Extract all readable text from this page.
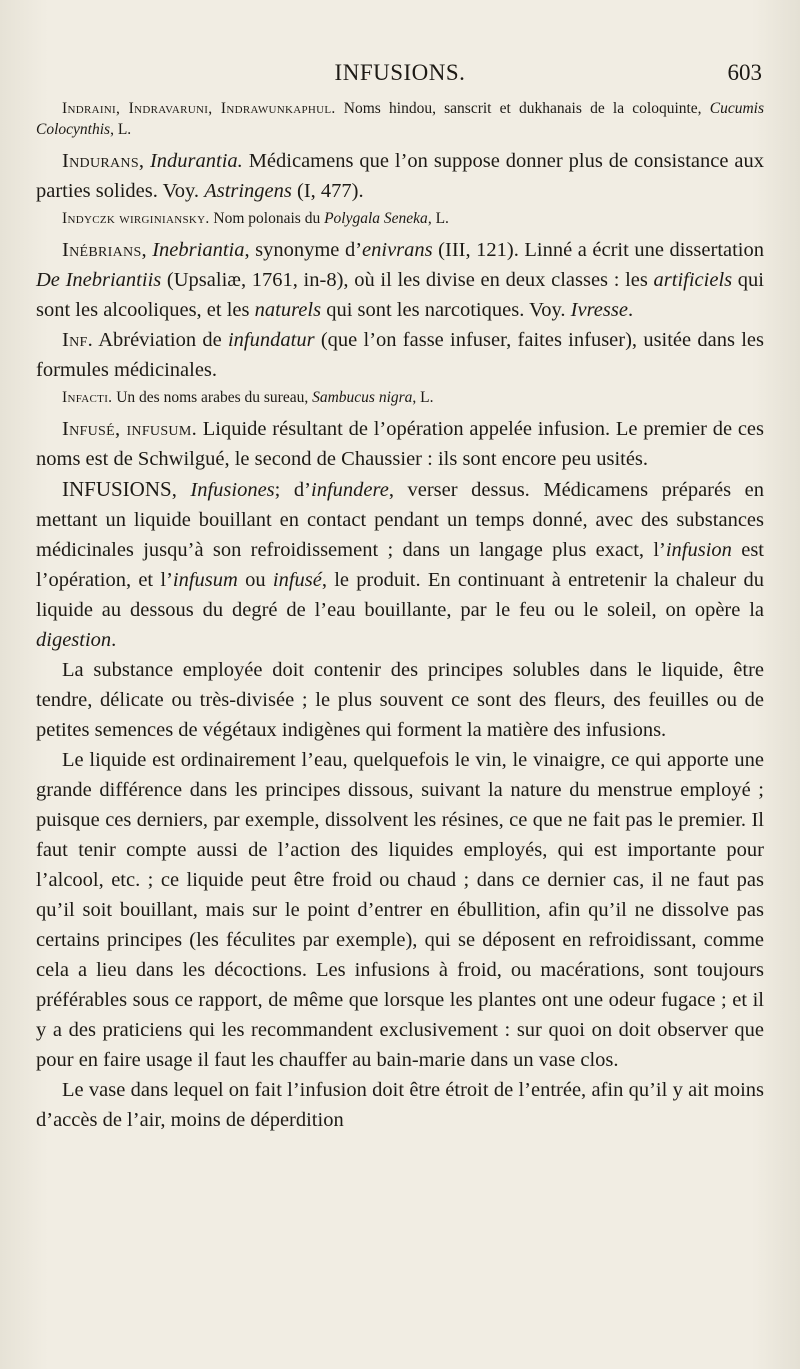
INFUSIONS.	603

Indraini, Indravaruni, Indrawunkaphul. Noms hindou, sanscrit et dukhanais de la coloquinte, Cucumis Colocynthis, L.

Indurans, Indurantia. Médicamens que l’on suppose donner plus de consistance aux parties solides. Voy. Astringens (I, 477).

Indyczk wirginiansky. Nom polonais du Polygala Seneka, L.

Inébrians, Inebriantia, synonyme d’enivrans (III, 121). Linné a écrit une dissertation De Inebriantiis (Upsaliæ, 1761, in-8), où il les divise en deux classes : les artificiels qui sont les alcooliques, et les naturels qui sont les narcotiques. Voy. Ivresse.

Inf. Abréviation de infundatur (que l’on fasse infuser, faites infuser), usitée dans les formules médicinales.

Infacti. Un des noms arabes du sureau, Sambucus nigra, L.

Infusé, infusum. Liquide résultant de l’opération appelée infusion. Le premier de ces noms est de Schwilgué, le second de Chaussier : ils sont encore peu usités.

INFUSIONS, Infusiones; d’infundere, verser dessus. Médicamens préparés en mettant un liquide bouillant en contact pendant un temps donné, avec des substances médicinales jusqu’à son refroidissement ; dans un langage plus exact, l’infusion est l’opération, et l’infusum ou infusé, le produit. En continuant à entretenir la chaleur du liquide au dessous du degré de l’eau bouillante, par le feu ou le soleil, on opère la digestion.

La substance employée doit contenir des principes solubles dans le liquide, être tendre, délicate ou très-divisée ; le plus souvent ce sont des fleurs, des feuilles ou de petites semences de végétaux indigènes qui forment la matière des infusions.

Le liquide est ordinairement l’eau, quelquefois le vin, le vinaigre, ce qui apporte une grande différence dans les principes dissous, suivant la nature du menstrue employé ; puisque ces derniers, par exemple, dissolvent les résines, ce que ne fait pas le premier. Il faut tenir compte aussi de l’action des liquides employés, qui est importante pour l’alcool, etc. ; ce liquide peut être froid ou chaud ; dans ce dernier cas, il ne faut pas qu’il soit bouillant, mais sur le point d’entrer en ébullition, afin qu’il ne dissolve pas certains principes (les féculites par exemple), qui se déposent en refroidissant, comme cela a lieu dans les décoctions. Les infusions à froid, ou macérations, sont toujours préférables sous ce rapport, de même que lorsque les plantes ont une odeur fugace ; et il y a des praticiens qui les recommandent exclusivement : sur quoi on doit observer que pour en faire usage il faut les chauffer au bain-marie dans un vase clos.

Le vase dans lequel on fait l’infusion doit être étroit de l’entrée, afin qu’il y ait moins d’accès de l’air, moins de déperdition
